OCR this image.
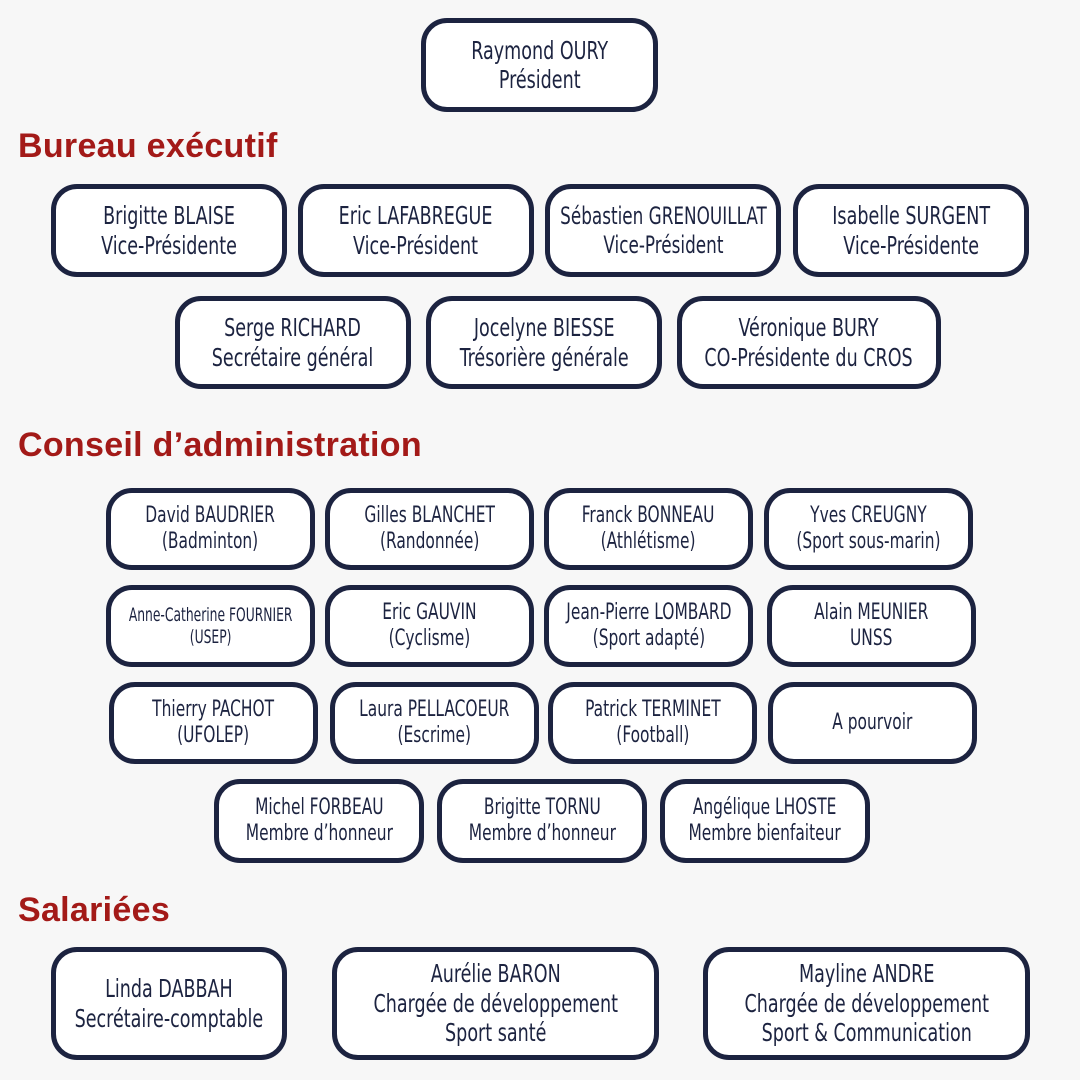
Raymond OURY
Président
Bureau exécutif
Brigitte BLAISE
Vice-Présidente
Eric LAFABREGUE
Vice-Président
Sébastien GRENOUILLAT
Vice-Président
Isabelle SURGENT
Vice-Présidente
Serge RICHARD
Secrétaire général
Jocelyne BIESSE
Trésorière générale
Véronique BURY
CO-Présidente du CROS
Conseil d’administration
David BAUDRIER
(Badminton)
Gilles BLANCHET
(Randonnée)
Franck BONNEAU
(Athlétisme)
Yves CREUGNY
(Sport sous-marin)
Anne-Catherine FOURNIER
(USEP)
Eric GAUVIN
(Cyclisme)
Jean-Pierre LOMBARD
(Sport adapté)
Alain MEUNIER
UNSS
Thierry PACHOT
(UFOLEP)
Laura PELLACOEUR
(Escrime)
Patrick TERMINET
(Football)
A pourvoir
Michel FORBEAU
Membre d’honneur
Brigitte TORNU
Membre d’honneur
Angélique LHOSTE
Membre bienfaiteur
Salariées
Linda DABBAH
Secrétaire-comptable
Aurélie BARON
Chargée de développement
Sport santé
Mayline ANDRE
Chargée de développement
Sport & Communication
